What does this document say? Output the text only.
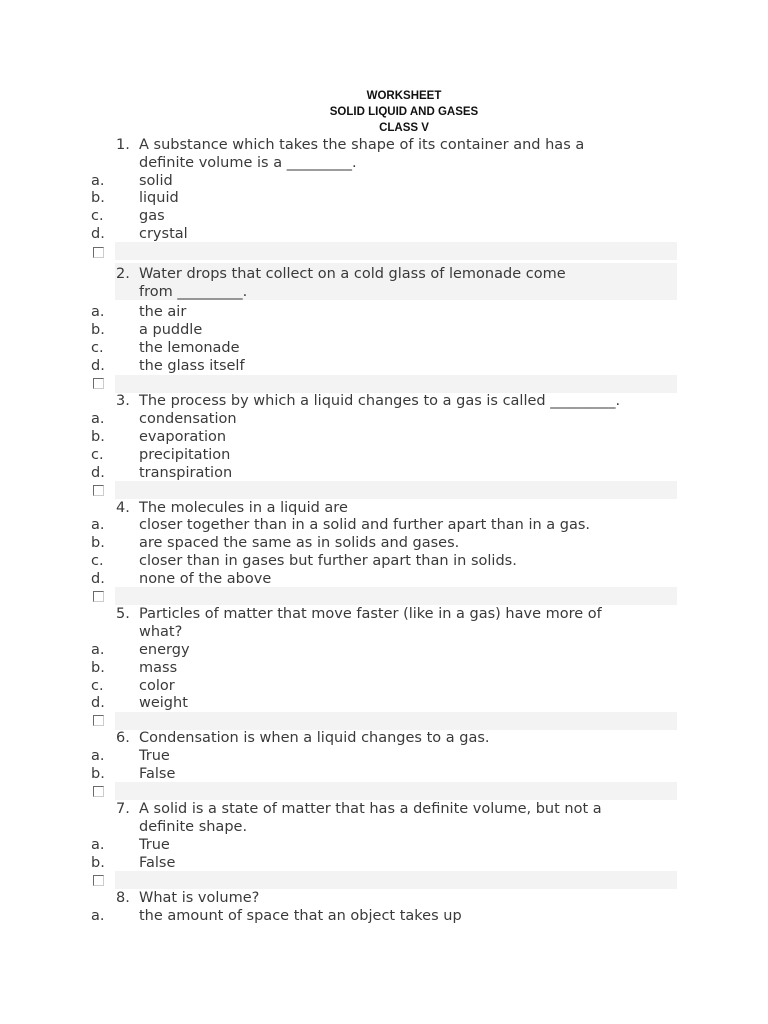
WORKSHEET
SOLID LIQUID AND GASES
CLASS V
1. A substance which takes the shape of its container and has a
definite volume is a _________.
a. solid
b. liquid
c. gas
d. crystal
2. Water drops that collect on a cold glass of lemonade come
from _________.
a. the air
b. a puddle
c. the lemonade
d. the glass itself
3. The process by which a liquid changes to a gas is called _________.
a. condensation
b. evaporation
c. precipitation
d. transpiration
4. The molecules in a liquid are
a. closer together than in a solid and further apart than in a gas.
b. are spaced the same as in solids and gases.
c. closer than in gases but further apart than in solids.
d. none of the above
5. Particles of matter that move faster (like in a gas) have more of
what?
a. energy
b. mass
c. color
d. weight
6. Condensation is when a liquid changes to a gas.
a. True
b. False
7. A solid is a state of matter that has a definite volume, but not a
definite shape.
a. True
b. False
8. What is volume?
a. the amount of space that an object takes up
